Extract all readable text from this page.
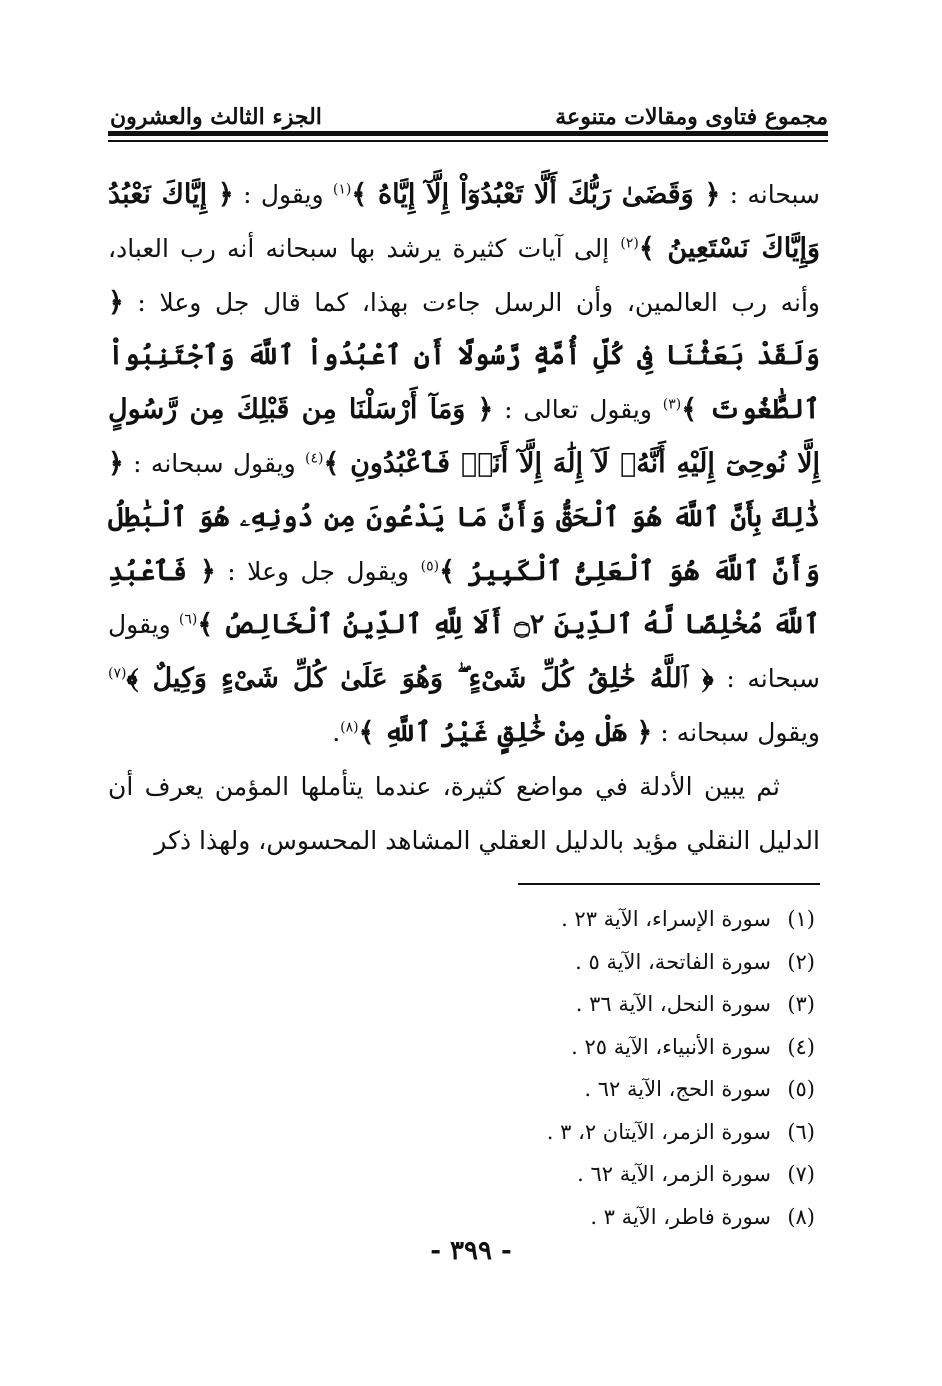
الجزء الثالث والعشرون	مجموع فتاوى ومقالات متنوعة

سبحانه : ﴿ وَقَضَىٰ رَبُّكَ أَلَّا تَعْبُدُوٓاْ إِلَّآ إِيَّاهُ ﴾$^{(١)}$ ويقول : ﴿ إِيَّاكَ نَعْبُدُ وَإِيَّاكَ نَسْتَعِينُ ﴾$^{(٢)}$ إلى آيات كثيرة يرشد بها سبحانه أنه رب العباد، وأنه رب العالمين، وأن الرسل جاءت بهذا، كما قال جل وعلا : ﴿ وَلَقَدْ بَعَثْنَا فِى كُلِّ أُمَّةٍ رَّسُولًا أَنِ ٱعْبُدُواْ ٱللَّهَ وَٱجْتَنِبُواْ ٱلطَّٰغُوتَ ﴾$^{(٣)}$ ويقول تعالى : ﴿ وَمَآ أَرْسَلْنَا مِن قَبْلِكَ مِن رَّسُولٍ إِلَّا نُوحِىٓ إِلَيْهِ أَنَّهُۥ لَآ إِلَٰهَ إِلَّآ أَنَا۠ فَٱعْبُدُونِ ﴾$^{(٤)}$ ويقول سبحانه : ﴿ ذَٰلِكَ بِأَنَّ ٱللَّهَ هُوَ ٱلْحَقُّ وَأَنَّ مَا يَدْعُونَ مِن دُونِهِۦ هُوَ ٱلْبَٰطِلُ وَأَنَّ ٱللَّهَ هُوَ ٱلْعَلِىُّ ٱلْكَبِيرُ ﴾$^{(٥)}$ ويقول جل وعلا : ﴿ فَٱعْبُدِ ٱللَّهَ مُخْلِصًا لَّهُ ٱلدِّينَ ۝٢ أَلَا لِلَّهِ ٱلدِّينُ ٱلْخَالِصُ ﴾$^{(٦)}$ ويقول سبحانه : ﴿ ٱللَّهُ خَٰلِقُ كُلِّ شَىْءٍ ۖ وَهُوَ عَلَىٰ كُلِّ شَىْءٍ وَكِيلٌ ﴾$^{(٧)}$ ويقول سبحانه : ﴿ هَلْ مِنْ خَٰلِقٍ غَيْرُ ٱللَّهِ ﴾$^{(٨)}$.

ثم يبين الأدلة في مواضع كثيرة، عندما يتأملها المؤمن يعرف أن الدليل النقلي مؤيد بالدليل العقلي المشاهد المحسوس، ولهذا ذكر

(١)سورة الإسراء، الآية ٢٣ .
(٢)سورة الفاتحة، الآية ٥ .
(٣)سورة النحل، الآية ٣٦ .
(٤)سورة الأنبياء، الآية ٢٥ .
(٥)سورة الحج، الآية ٦٢ .
(٦)سورة الزمر، الآيتان ٢، ٣ .
(٧)سورة الزمر، الآية ٦٢ .
(٨)سورة فاطر، الآية ٣ .
- ٣٩٩ -
